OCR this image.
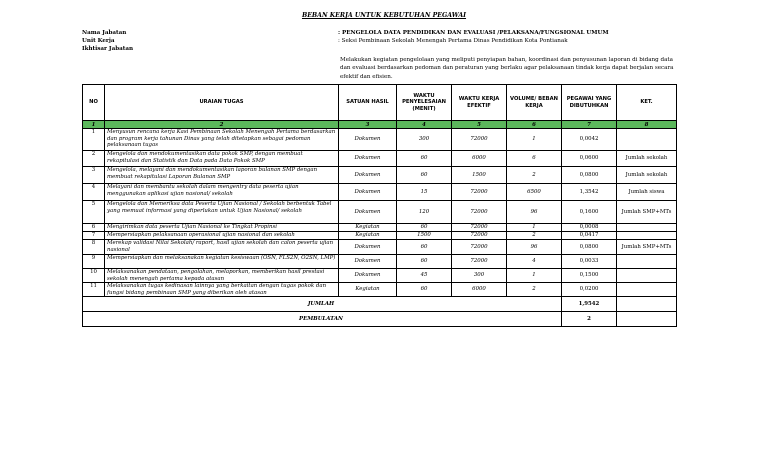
BEBAN KERJA UNTUK KEBUTUHAN PEGAWAI
Nama Jabatan
Unit Kerja
Ikhtisar Jabatan
: PENGELOLA DATA PENDIDIKAN DAN EVALUASI /PELAKSANA/FUNGSIONAL UMUM
: Seksi Pembinaan Sekolah Menengah Pertama Dinas Pendidikan Kota Pontianak
Melakukan kegiatan pengelolaan yang meliputi penyiapan bahan, koordinasi dan penyusunan laporan di bidang data dan evaluasi berdasarkan pedoman dan peraturan yang berlaku agar pelaksanaan tindak kerja dapat berjalan secara efektif dan efisien.
NO	URAIAN TUGAS	SATUAN HASIL	WAKTU PENYELESAIAN (MENIT)	WAKTU KERJA EFEKTIF	VOLUME/ BEBAN KERJA	PEGAWAI YANG DIBUTUHKAN	KET.
1	2	3	4	5	6	7	8
1	Menyusun rencana kerja Kasi Pembinaan Sekolah Menengah Pertama berdasarkan dan program kerja tahunan Dinas yang telah ditetapkan sebagai pedoman pelaksanaan tugas	Dokumen	300	72000	1	0,0042	
2	Mengelola dan mendokumentasikan data pokok SMP, dengan membuat rekapitulasi dan Statistik dan Data pada Data Pokok SMP	Dokumen	60	6000	6	0,0600	Jumlah sekolah
3	Mengelola, melayani dan mendokumentasikan laporan bulanan SMP dengan membuat rekapitulasi Laporan Bulanan SMP	Dokumen	60	1500	2	0,0800	Jumlah sekolah
4	Melayani dan membantu sekolah dalam mengentry data peserta ujian menggunakan aplikasi ujian nasional/ sekolah	Dokumen	15	72000	6500	1,3542	Jumlah siswa
5	Mengelola dan Memeriksa data Peserta Ujian Nasional / Sekolah berbentuk Tabel yang memuat informasi yang diperlukan untuk Ujian Nasional/ sekolah	Dokumen	120	72000	96	0,1600	Jumlah SMP+MTs
6	Mengirimkan data peserta Ujian Nasional ke Tingkat Propinsi	Kegiatan	60	72000	1	0,0008	
7	Mempersiapkan pelaksanaan operasional ujian nasional dan sekolah	Kegiatan	1500	72000	2	0,0417	
8	Merekap validasi Nilai Sekolah/ raport, hasil ujian sekolah dan calon peserta ujian nasional	Dokumen	60	72000	96	0,0800	Jumlah SMP+MTs
9	Mempersiapkan dan melaksanakan kegiatan kesiswaan (OSN, FLS2N, O2SN, LMP)	Dokumen	60	72000	4	0,0033	
10	Melaksanakan pendataan, pengolahan, melaporkan, memberikan hasil prestasi sekolah menengah pertama kepada atasan	Dokumen	45	300	1	0,1500	
11	Melaksanakan tugas kedinasan lainnya yang berkaitan dengan tugas pokok dan fungsi bidang pembinaan SMP yang diberikan oleh atasan	Kegiatan	60	6000	2	0,0200	
JUMLAH						1,9542	
PEMBULATAN						2	
